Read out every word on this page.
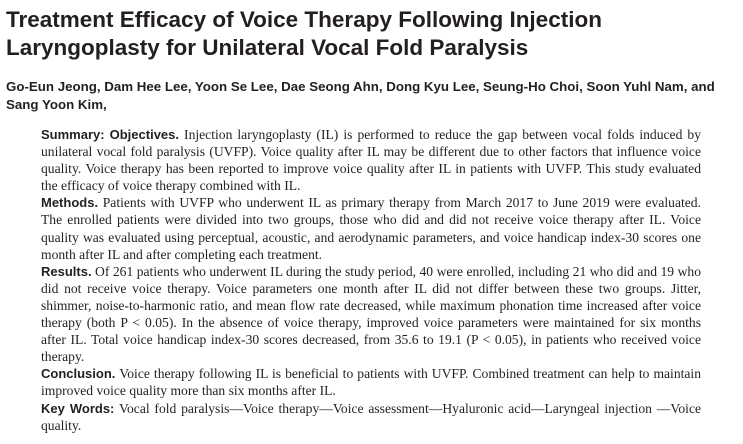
Treatment Efficacy of Voice Therapy Following Injection Laryngoplasty for Unilateral Vocal Fold Paralysis

Go-Eun Jeong, Dam Hee Lee, Yoon Se Lee, Dae Seong Ahn, Dong Kyu Lee, Seung-Ho Choi, Soon Yuhl Nam, and Sang Yoon Kim,

Summary: Objectives. Injection laryngoplasty (IL) is performed to reduce the gap between vocal folds induced by unilateral vocal fold paralysis (UVFP). Voice quality after IL may be different due to other factors that influence voice quality. Voice therapy has been reported to improve voice quality after IL in patients with UVFP. This study evaluated the efficacy of voice therapy combined with IL.

Methods. Patients with UVFP who underwent IL as primary therapy from March 2017 to June 2019 were evaluated. The enrolled patients were divided into two groups, those who did and did not receive voice therapy after IL. Voice quality was evaluated using perceptual, acoustic, and aerodynamic parameters, and voice handicap index-30 scores one month after IL and after completing each treatment.

Results. Of 261 patients who underwent IL during the study period, 40 were enrolled, including 21 who did and 19 who did not receive voice therapy. Voice parameters one month after IL did not differ between these two groups. Jitter, shimmer, noise-to-harmonic ratio, and mean flow rate decreased, while maximum phonation time increased after voice therapy (both P < 0.05). In the absence of voice therapy, improved voice parameters were maintained for six months after IL. Total voice handicap index-30 scores decreased, from 35.6 to 19.1 (P < 0.05), in patients who received voice therapy.

Conclusion. Voice therapy following IL is beneficial to patients with UVFP. Combined treatment can help to maintain improved voice quality more than six months after IL.

Key Words: Vocal fold paralysis—Voice therapy—Voice assessment—Hyaluronic acid—Laryngeal injection —Voice quality.
